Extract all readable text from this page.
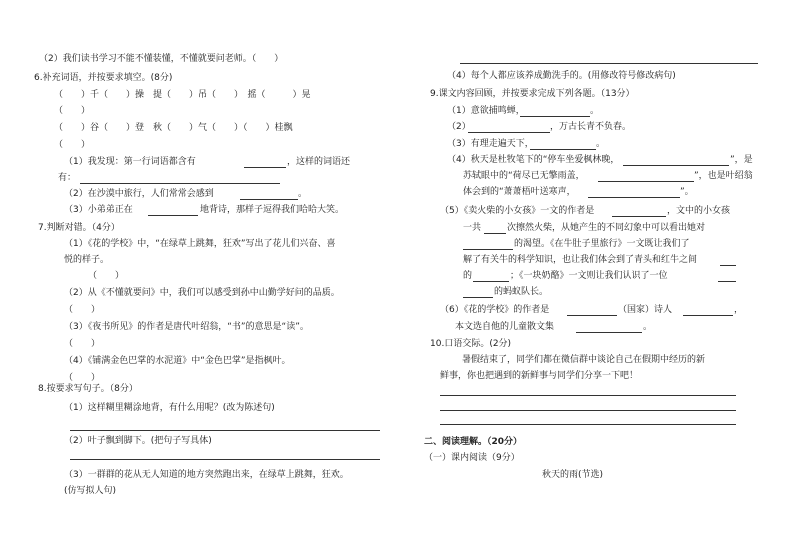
（2）我们读书学习不能不懂装懂，不懂就要问老师。（　　）
6.补充词语，并按要求填空。(8分)
（　　）千（　　）操　提（　　）吊（　　）　摇（　　　）晃
（　　）
（　　）谷（　　）登　秋（　　）气（　　）（　　）桂飘
（　　）
（1）我发现：第一行词语都含有	，这样的词语还
有：
（2）在沙漠中旅行，人们常常会感到	。
（3）小弟弟正在	地背诗，那样子逗得我们哈哈大笑。
7.判断对错。（4分）
（1）《花的学校》中，“在绿草上跳舞，狂欢”写出了花儿们兴奋、喜
悦的样子。
（　　）
（2）从《不懂就要问》中，我们可以感受到孙中山勤学好问的品质。
（　　）
（3）《夜书所见》的作者是唐代叶绍翁，“书”的意思是“读”。
（　　）
（4）《铺满金色巴掌的水泥道》中“金色巴掌”是指枫叶。
（　　）
8.按要求写句子。（8分）
（1）这样糊里糊涂地背，有什么用呢？(改为陈述句)
（2）叶子飘到脚下。(把句子写具体)
（3）一群群的花从无人知道的地方突然跑出来，在绿草上跳舞，狂欢。
(仿写拟人句)
（4）每个人都应该养成勤洗手的。(用修改符号修改病句)
9.课文内容回顾，并按要求完成下列各题。（13分）
（1）意欲捕鸣蝉，	。
（2）	，万古长青不负春。
（3）有理走遍天下，	。
（4）秋天是杜牧笔下的“停车坐爱枫林晚，	”，是
苏轼眼中的“荷尽已无擎雨盖，	”，也是叶绍翁
体会到的“萧萧梧叶送寒声，	”。
（5）《卖火柴的小女孩》一文的作者是	，文中的小女孩
一共	次擦然火柴，从她产生的不同幻象中可以看出她对
的渴望。《在牛肚子里旅行》一文既让我们了
解了有关牛的科学知识，也让我们体会到了青头和红牛之间
的	；《一块奶酪》一文则让我们认识了一位
的蚂蚁队长。
（6）《花的学校》的作者是	（国家）诗人	，
本文选自他的儿童散文集	。
10.口语交际。(2分)
暑假结束了，同学们都在微信群中谈论自己在假期中经历的新
鲜事，你也把遇到的新鲜事与同学们分享一下吧！
二、阅读理解。（20分）
（一）课内阅读（9分）
秋天的雨(节选)
